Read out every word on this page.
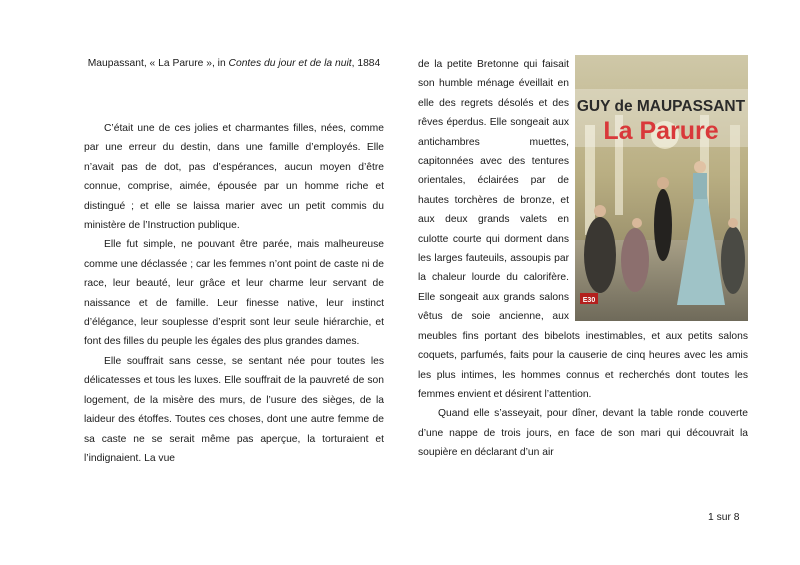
Maupassant, « La Parure », in Contes du jour et de la nuit, 1884

C’était une de ces jolies et charmantes filles, nées, comme par une erreur du destin, dans une famille d’employés. Elle n’avait pas de dot, pas d’espérances, aucun moyen d’être connue, comprise, aimée, épousée par un homme riche et distingué ; et elle se laissa marier avec un petit commis du ministère de l’Instruction publique.

Elle fut simple, ne pouvant être parée, mais malheureuse comme une déclassée ; car les femmes n’ont point de caste ni de race, leur beauté, leur grâce et leur charme leur servant de naissance et de famille. Leur finesse native, leur instinct d’élégance, leur souplesse d’esprit sont leur seule hiérarchie, et font des filles du peuple les égales des plus grandes dames.

Elle souffrait sans cesse, se sentant née pour toutes les délicatesses et tous les luxes. Elle souffrait de la pauvreté de son logement, de la misère des murs, de l’usure des sièges, de la laideur des étoffes. Toutes ces choses, dont une autre femme de sa caste ne se serait même pas aperçue, la torturaient et l’indignaient. La vue

GUY de MAUPASSANT
La Parure
E30

de la petite Bretonne qui faisait son humble ménage éveillait en elle des regrets désolés et des rêves éperdus. Elle songeait aux antichambres muettes, capitonnées avec des tentures orientales, éclairées par de hautes torchères de bronze, et aux deux grands valets en culotte courte qui dorment dans les larges fauteuils, assoupis par la chaleur lourde du calorifère. Elle songeait aux grands salons vêtus de soie ancienne, aux meubles fins portant des bibelots inestimables, et aux petits salons coquets, parfumés, faits pour la causerie de cinq heures avec les amis les plus intimes, les hommes connus et recherchés dont toutes les femmes envient et désirent l’attention.

Quand elle s’asseyait, pour dîner, devant la table ronde couverte d’une nappe de trois jours, en face de son mari qui découvrait la soupière en déclarant d’un air

1 sur 8
